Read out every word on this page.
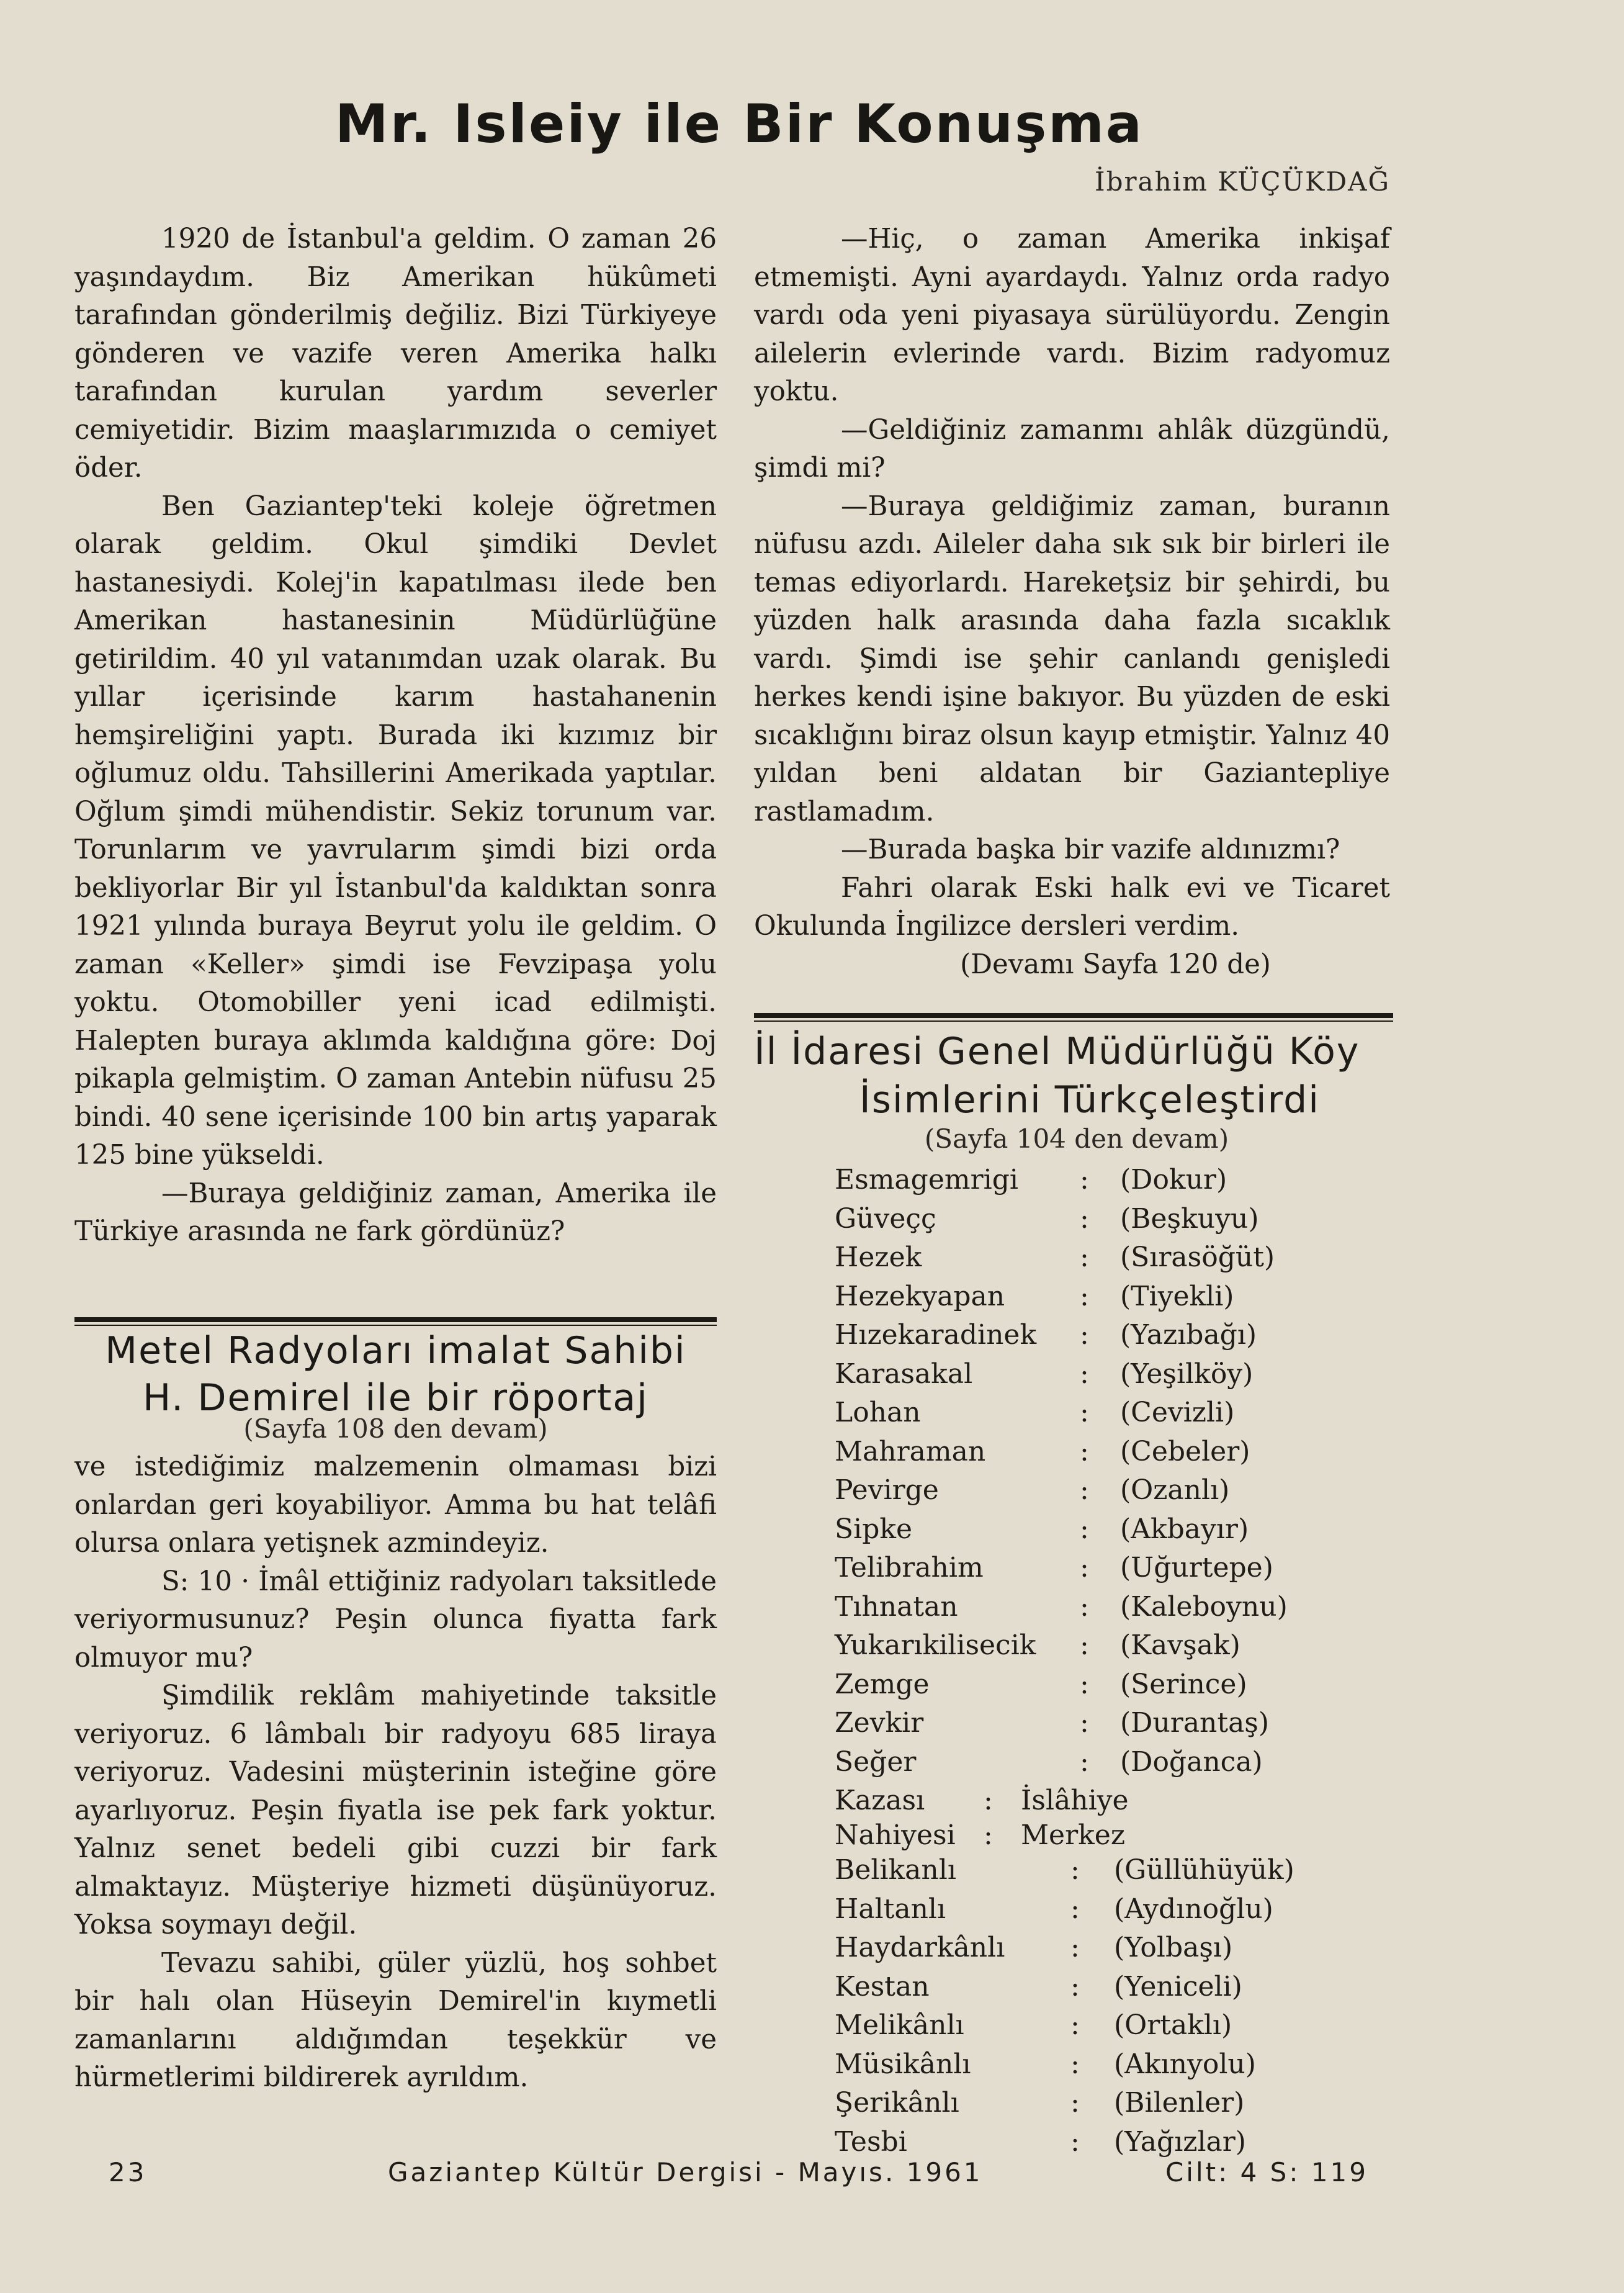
Mr. Isleiy ile Bir Konuşma
İbrahim KÜÇÜKDAĞ

1920 de İstanbul'a geldim. O zaman 26 yaşındaydım. Biz Amerikan hükûmeti tarafından gönderilmiş değiliz. Bizi Türkiyeye gönderen ve vazife veren Amerika halkı tarafından kurulan yardım severler cemiyetidir. Bizim maaşlarımızıda o cemiyet öder.

Ben Gaziantep'teki koleje öğretmen olarak geldim. Okul şimdiki Devlet hastanesiydi. Kolej'in kapatılması ilede ben Amerikan hastanesinin Müdürlüğüne getirildim. 40 yıl vatanımdan uzak olarak. Bu yıllar içerisinde karım hastahanenin hemşireliğini yaptı. Burada iki kızımız bir oğlumuz oldu. Tahsillerini Amerikada yaptılar. Oğlum şimdi mühendistir. Sekiz torunum var. Torunlarım ve yavrularım şimdi bizi orda bekliyorlar Bir yıl İstanbul'da kaldıktan sonra 1921 yılında buraya Beyrut yolu ile geldim. O zaman «Keller» şimdi ise Fevzipaşa yolu yoktu. Otomobiller yeni icad edilmişti. Halepten buraya aklımda kaldığına göre: Doj pikapla gelmiştim. O zaman Antebin nüfusu 25 bindi. 40 sene içerisinde 100 bin artış yaparak 125 bine yükseldi.

—Buraya geldiğiniz zaman, Amerika ile Türkiye arasında ne fark gördünüz?

—Hiç, o zaman Amerika inkişaf etmemişti. Ayni ayardaydı. Yalnız orda radyo vardı oda yeni piyasaya sürülüyordu. Zengin ailelerin evlerinde vardı. Bizim radyomuz yoktu.

—Geldiğiniz zamanmı ahlâk düzgündü, şimdi mi?

—Buraya geldiğimiz zaman, buranın nüfusu azdı. Aileler daha sık sık bir birleri ile temas ediyorlardı. Harekeţsiz bir şehirdi, bu yüzden halk arasında daha fazla sıcaklık vardı. Şimdi ise şehir canlandı genişledi herkes kendi işine bakıyor. Bu yüzden de eski sıcaklığını biraz olsun kayıp etmiştir. Yalnız 40 yıldan beni aldatan bir Gaziantepliye rastlamadım.

—Burada başka bir vazife aldınızmı?

Fahri olarak Eski halk evi ve Ticaret Okulunda İngilizce dersleri verdim.

(Devamı Sayfa 120 de)

Metel Radyoları imalat Sahibi
H. Demirel ile bir röportaj
(Sayfa 108 den devam)

ve istediğimiz malzemenin olmaması bizi onlardan geri koyabiliyor. Amma bu hat telâfi olursa onlara yetişnek azmindeyiz.

S: 10 · İmâl ettiğiniz radyoları taksitlede veriyormusunuz? Peşin olunca fiyatta fark olmuyor mu?

Şimdilik reklâm mahiyetinde taksitle veriyoruz. 6 lâmbalı bir radyoyu 685 liraya veriyoruz. Vadesini müşterinin isteğine göre ayarlıyoruz. Peşin fiyatla ise pek fark yoktur. Yalnız senet bedeli gibi cuzzi bir fark almaktayız. Müşteriye hizmeti düşünüyoruz. Yoksa soymayı değil.

Tevazu sahibi, güler yüzlü, hoş sohbet bir halı olan Hüseyin Demirel'in kıymetli zamanlarını aldığımdan teşekkür ve hürmetlerimi bildirerek ayrıldım.

İl İdaresi Genel Müdürlüğü Köy
İsimlerini Türkçeleştirdi
(Sayfa 104 den devam)
Esmagemrigi : (Dokur)
Güveçç	: (Beşkuyu)
Hezek	: (Sırasöğüt)
Hezekyapan	: (Tiyekli)
Hızekaradinek : (Yazıbağı)
Karasakal	: (Yeşilköy)
Lohan	: (Cevizli)
Mahraman	: (Cebeler)
Pevirge	: (Ozanlı)
Sipke	: (Akbayır)
Telibrahim	: (Uğurtepe)
Tıhnatan	: (Kaleboynu)
Yukarıkilisecik : (Kavşak)
Zemge	: (Serince)
Zevkir	: (Durantaş)
Seğer	: (Doğanca)
Kazası : İslâhiye
Nahiyesi : Merkez
Belikanlı	: (Güllühüyük)
Haltanlı	: (Aydınoğlu)
Haydarkânlı : (Yolbaşı)
Kestan	: (Yeniceli)
Melikânlı	: (Ortaklı)
Müsikânlı	: (Akınyolu)
Şerikânlı	: (Bilenler)
Tesbi	: (Yağızlar)
23	Gaziantep Kültür Dergisi - Mayıs. 1961	Cilt: 4 S: 119
